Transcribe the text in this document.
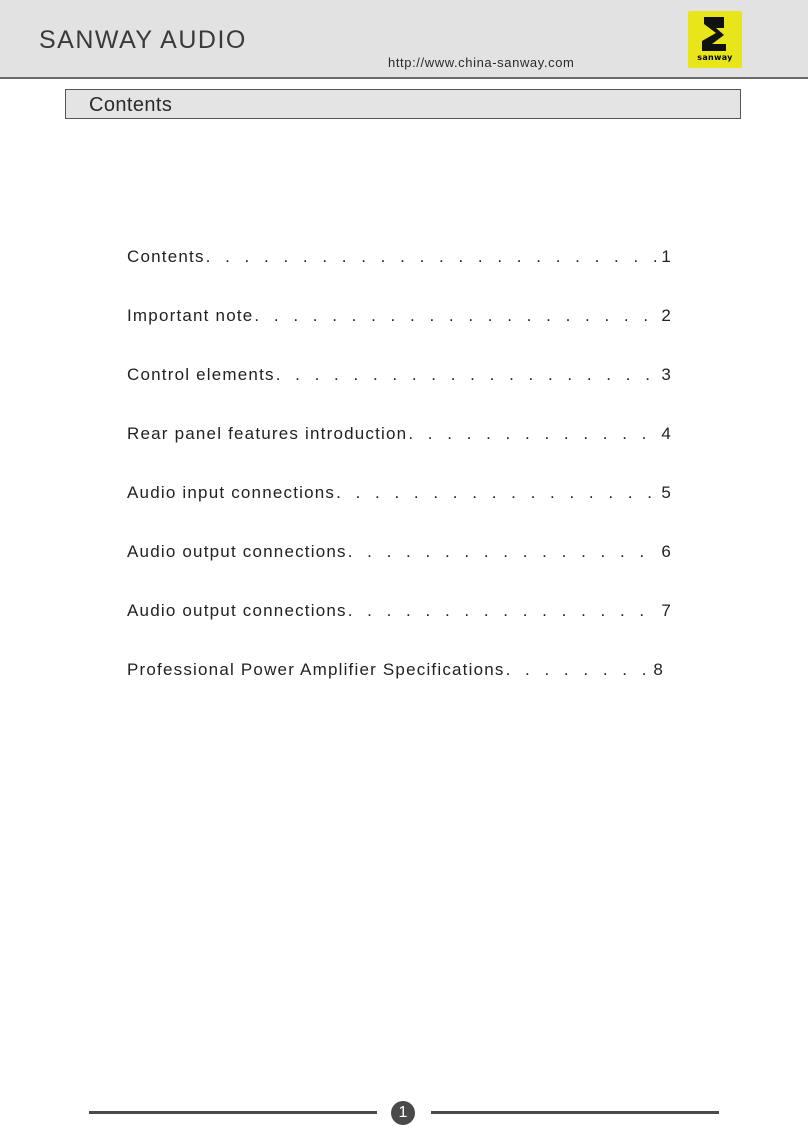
SANWAY AUDIO
http://www.china-sanway.com	sanway
Contents
Contents . . .	1
Important note . . .	2
Control elements . . .	3
Rear panel features introduction . . .	4
Audio input connections . . .	5
Audio output connections . . .	6
Audio output connections . . .	7
Professional Power Amplifier Specifications . . .	8
1
